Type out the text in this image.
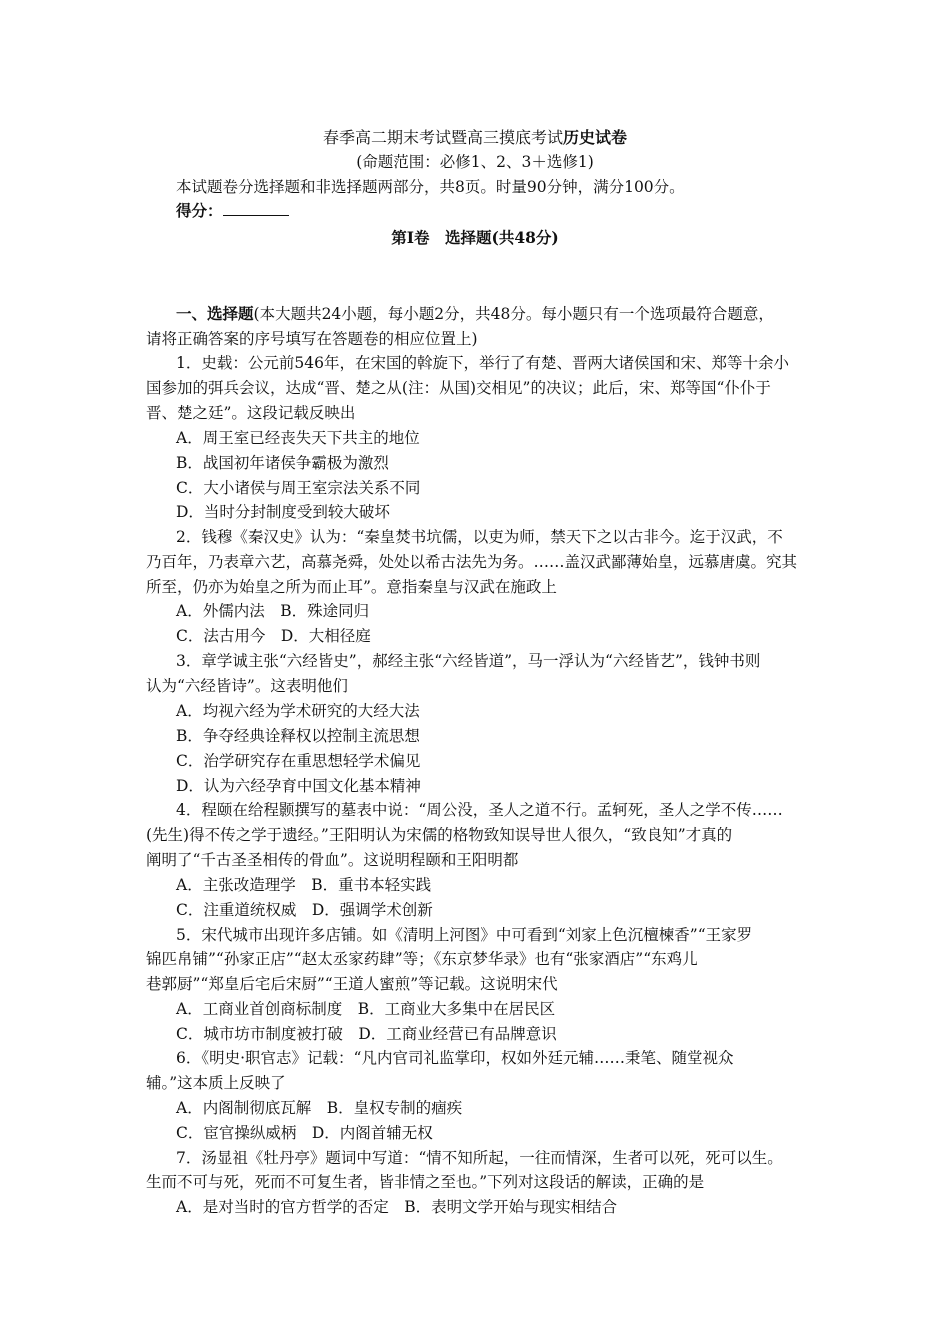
春季高二期末考试暨高三摸底考试历史试卷
(命题范围：必修1、2、3＋选修1)
本试题卷分选择题和非选择题两部分，共8页。时量90分钟，满分100分。
得分：
第Ⅰ卷　选择题(共48分)
一、选择题(本大题共24小题，每小题2分，共48分。每小题只有一个选项最符合题意，
请将正确答案的序号填写在答题卷的相应位置上)
1．史载：公元前546年，在宋国的斡旋下，举行了有楚、晋两大诸侯国和宋、郑等十余小
国参加的弭兵会议，达成“晋、楚之从(注：从国)交相见”的决议；此后，宋、郑等国“仆仆于
晋、楚之廷”。这段记载反映出
A．周王室已经丧失天下共主的地位
B．战国初年诸侯争霸极为激烈
C．大小诸侯与周王室宗法关系不同
D．当时分封制度受到较大破坏
2．钱穆《秦汉史》认为：“秦皇焚书坑儒，以吏为师，禁天下之以古非今。迄于汉武，不
乃百年，乃表章六艺，高慕尧舜，处处以希古法先为务。……盖汉武鄙薄始皇，远慕唐虞。究其
所至，仍亦为始皇之所为而止耳”。意指秦皇与汉武在施政上
A．外儒内法　B．殊途同归
C．法古用今　D．大相径庭
3．章学诚主张“六经皆史”，郝经主张“六经皆道”，马一浮认为“六经皆艺”，钱钟书则
认为“六经皆诗”。这表明他们
A．均视六经为学术研究的大经大法
B．争夺经典诠释权以控制主流思想
C．治学研究存在重思想轻学术偏见
D．认为六经孕育中国文化基本精神
4．程颐在给程颢撰写的墓表中说：“周公没，圣人之道不行。孟轲死，圣人之学不传……
(先生)得不传之学于遗经。”王阳明认为宋儒的格物致知误导世人很久，“致良知”才真的
阐明了“千古圣圣相传的骨血”。这说明程颐和王阳明都
A．主张改造理学　B．重书本轻实践
C．注重道统权威　D．强调学术创新
5．宋代城市出现许多店铺。如《清明上河图》中可看到“刘家上色沉檀楝香”“王家罗
锦匹帛铺”“孙家正店”“赵太丞家药肆”等；《东京梦华录》也有“张家酒店”“东鸡儿
巷郭厨”“郑皇后宅后宋厨”“王道人蜜煎”等记载。这说明宋代
A．工商业首创商标制度　B．工商业大多集中在居民区
C．城市坊市制度被打破　D．工商业经营已有品牌意识
6．《明史·职官志》记载：“凡内官司礼监掌印，权如外廷元辅……秉笔、随堂视众
辅。”这本质上反映了
A．内阁制彻底瓦解　B．皇权专制的痼疾
C．宦官操纵威柄　D．内阁首辅无权
7．汤显祖《牡丹亭》题词中写道：“情不知所起，一往而情深，生者可以死，死可以生。
生而不可与死，死而不可复生者，皆非情之至也。”下列对这段话的解读，正确的是
A．是对当时的官方哲学的否定　B．表明文学开始与现实相结合
